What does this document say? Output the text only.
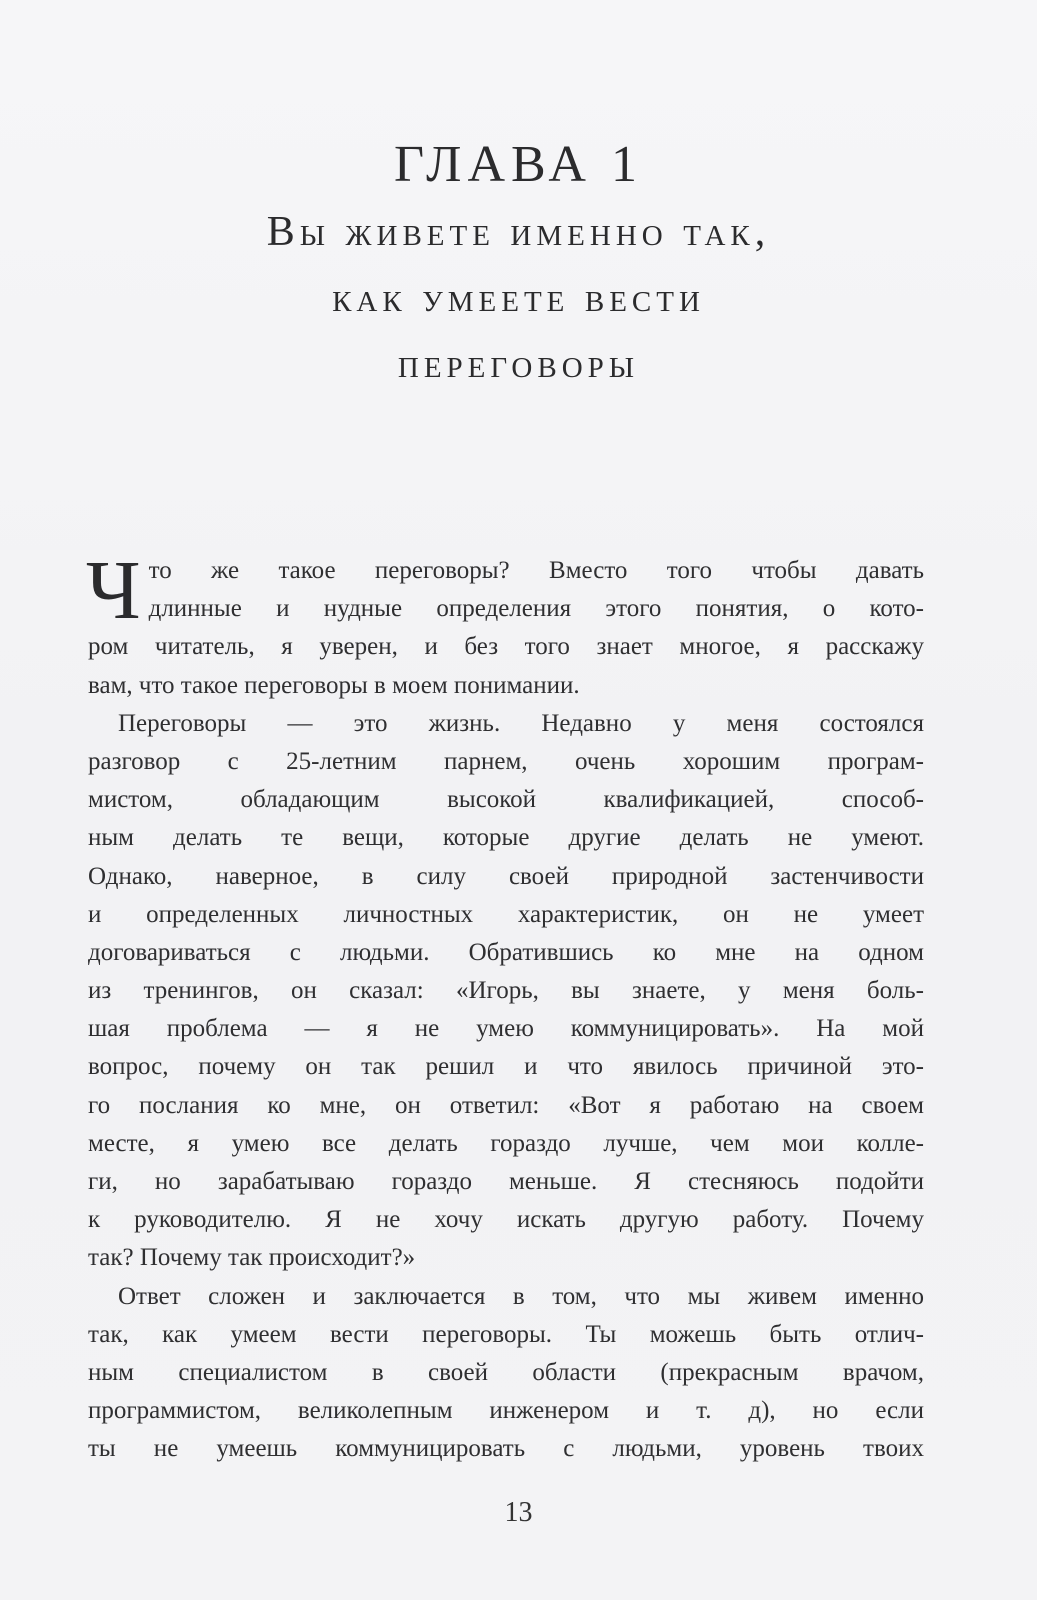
ГЛАВА 1
Вы живете именно так,
как умеете вести
переговоры
Ч то же такое переговоры? Вместо того чтобы давать
длинные и нудные определения этого понятия, о кото-
ром читатель, я уверен, и без того знает многое, я расскажу
вам, что такое переговоры в моем понимании.
Переговоры — это жизнь. Недавно у меня состоялся
разговор с 25-летним парнем, очень хорошим програм-
мистом, обладающим высокой квалификацией, способ-
ным делать те вещи, которые другие делать не умеют.
Однако, наверное, в силу своей природной застенчивости
и определенных личностных характеристик, он не умеет
договариваться с людьми. Обратившись ко мне на одном
из тренингов, он сказал: «Игорь, вы знаете, у меня боль-
шая проблема — я не умею коммуницировать». На мой
вопрос, почему он так решил и что явилось причиной это-
го послания ко мне, он ответил: «Вот я работаю на своем
месте, я умею все делать гораздо лучше, чем мои колле-
ги, но зарабатываю гораздо меньше. Я стесняюсь подойти
к руководителю. Я не хочу искать другую работу. Почему
так? Почему так происходит?»
Ответ сложен и заключается в том, что мы живем именно
так, как умеем вести переговоры. Ты можешь быть отлич-
ным специалистом в своей области (прекрасным врачом,
программистом, великолепным инженером и т. д), но если
ты не умеешь коммуницировать с людьми, уровень твоих
13
